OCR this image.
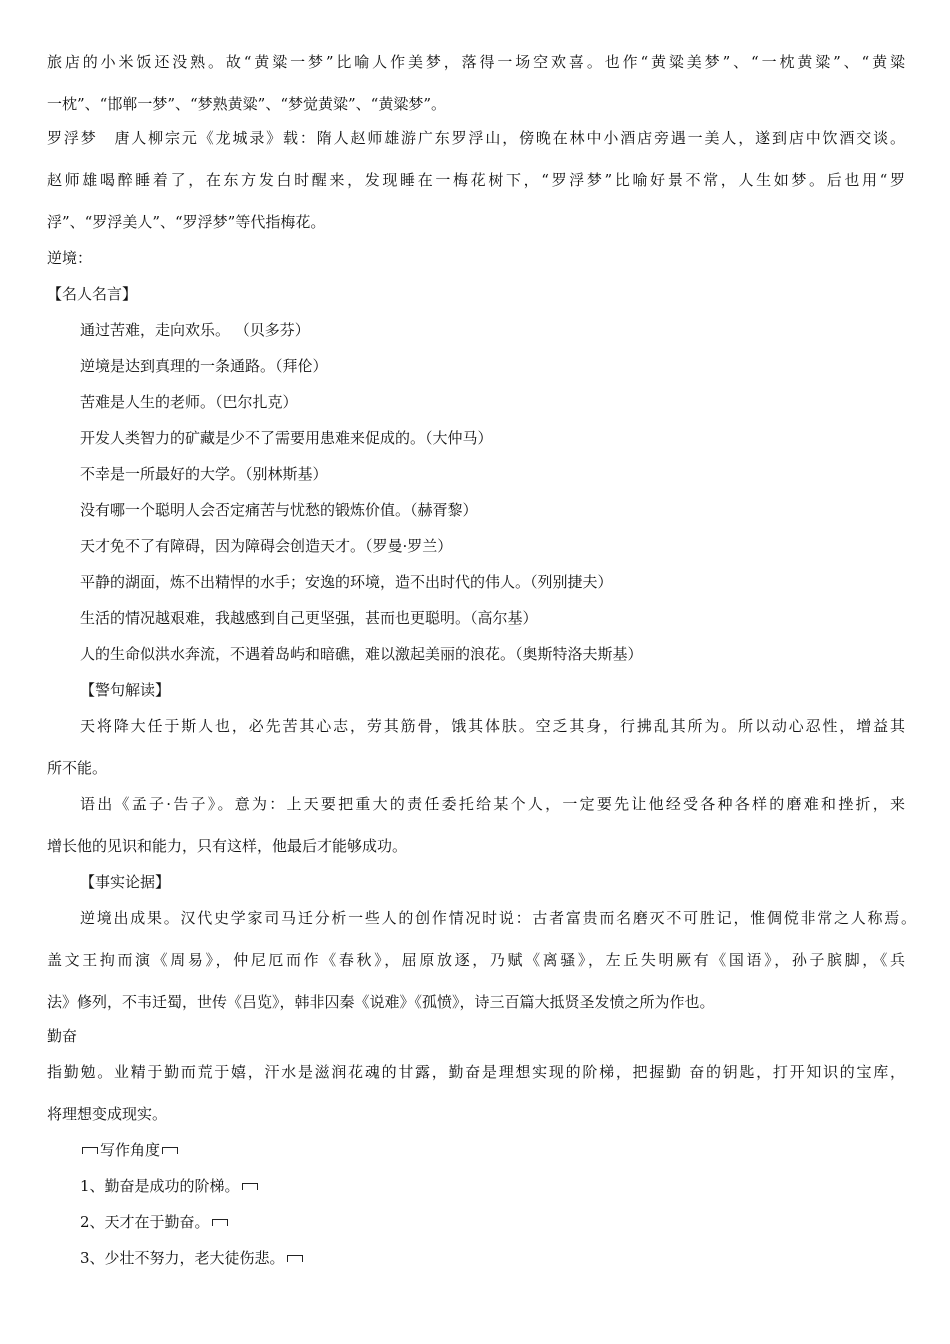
旅店的小米饭还没熟。故“黄粱一梦”比喻人作美梦，落得一场空欢喜。也作“黄粱美梦”、“一枕黄粱”、“黄粱
一枕”、“邯郸一梦”、“梦熟黄粱”、“梦觉黄粱”、“黄粱梦”。
罗浮梦　唐人柳宗元《龙城录》载：隋人赵师雄游广东罗浮山，傍晚在林中小酒店旁遇一美人，遂到店中饮酒交谈。
赵师雄喝醉睡着了，在东方发白时醒来，发现睡在一梅花树下，“罗浮梦”比喻好景不常，人生如梦。后也用“罗
浮”、“罗浮美人”、“罗浮梦”等代指梅花。
逆境：
【名人名言】
通过苦难，走向欢乐。 （贝多芬）
逆境是达到真理的一条通路。（拜伦）
苦难是人生的老师。（巴尔扎克）
开发人类智力的矿藏是少不了需要用患难来促成的。（大仲马）
不幸是一所最好的大学。（别林斯基）
没有哪一个聪明人会否定痛苦与忧愁的锻炼价值。（赫胥黎）
天才免不了有障碍，因为障碍会创造天才。（罗曼·罗兰）
平静的湖面，炼不出精悍的水手；安逸的环境，造不出时代的伟人。（列别捷夫）
生活的情况越艰难，我越感到自己更坚强，甚而也更聪明。（高尔基）
人的生命似洪水奔流，不遇着岛屿和暗礁，难以激起美丽的浪花。（奥斯特洛夫斯基）
【警句解读】
天将降大任于斯人也，必先苦其心志，劳其筋骨，饿其体肤。空乏其身，行拂乱其所为。所以动心忍性，增益其
所不能。
语出《孟子·告子》。意为：上天要把重大的责任委托给某个人，一定要先让他经受各种各样的磨难和挫折，来
增长他的见识和能力，只有这样，他最后才能够成功。
【事实论据】
逆境出成果。汉代史学家司马迁分析一些人的创作情况时说：古者富贵而名磨灭不可胜记，惟倜傥非常之人称焉。
盖文王拘而演《周易》，仲尼厄而作《春秋》，屈原放逐，乃赋《离骚》，左丘失明厥有《国语》，孙子膑脚，《兵
法》修列，不韦迁蜀，世传《吕览》，韩非囚秦《说难》《孤愤》，诗三百篇大抵贤圣发愤之所为作也。
勤奋
指勤勉。业精于勤而荒于嬉，汗水是滋润花魂的甘露，勤奋是理想实现的阶梯，把握勤 奋的钥匙，打开知识的宝库，
将理想变成现实。
写作角度
1、勤奋是成功的阶梯。
2、天才在于勤奋。
3、少壮不努力，老大徒伤悲。
